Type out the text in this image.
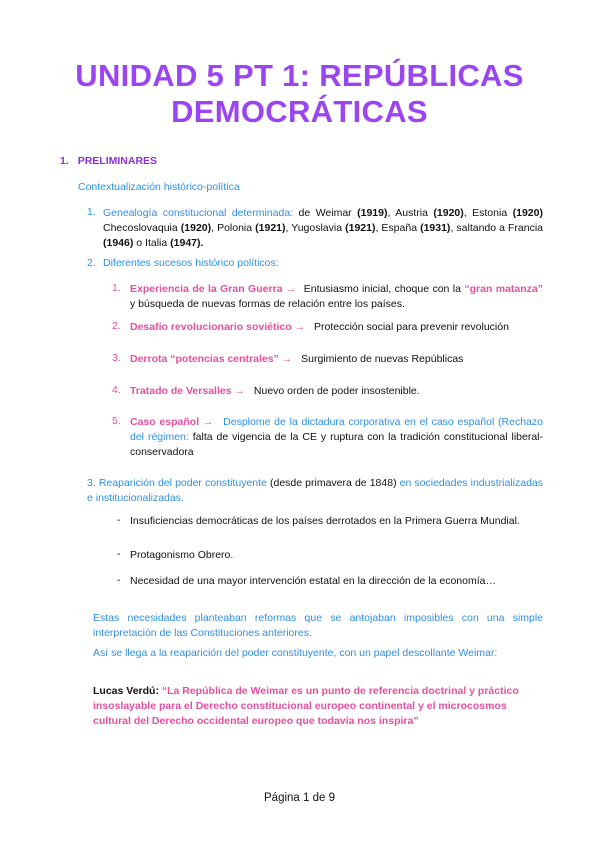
UNIDAD 5 PT 1: REPÚBLICAS
DEMOCRÁTICAS
1. PRELIMINARES
Contextualización histórico-política
1. Genealogía constitucional determinada: de Weimar (1919), Austria (1920), Estonia (1920) Checoslovaquia (1920), Polonia (1921), Yugoslavia (1921), España (1931), saltando a Francia (1946) o Italia (1947).
2. Diferentes sucesos histórico políticos:
1. Experiencia de la Gran Guerra → Entusiasmo inicial, choque con la “gran matanza” y búsqueda de nuevas formas de relación entre los países.
2. Desafío revolucionario soviético → Protección social para prevenir revolución
3. Derrota “potencias centrales” → Surgimiento de nuevas Repúblicas
4. Tratado de Versalles → Nuevo orden de poder insostenible.
5. Caso español → Desplome de la dictadura corporativa en el caso español (Rechazo del régimen: falta de vigencia de la CE y ruptura con la tradición constitucional liberal-conservadora
3. Reaparición del poder constituyente (desde primavera de 1848) en sociedades industrializadas e institucionalizadas.
- Insuficiencias democráticas de los países derrotados en la Primera Guerra Mundial.
- Protagonismo Obrero.
- Necesidad de una mayor intervención estatal en la dirección de la economía…
Estas necesidades planteaban reformas que se antojaban imposibles con una simple interpretación de las Constituciones anteriores.
Así se llega a la reaparición del poder constituyente, con un papel descollante Weimar:
Lucas Verdú: “La República de Weimar es un punto de referencia doctrinal y práctico insoslayable para el Derecho constitucional europeo continental y el microcosmos cultural del Derecho occidental europeo que todavía nos inspira”
Página 1 de 9
